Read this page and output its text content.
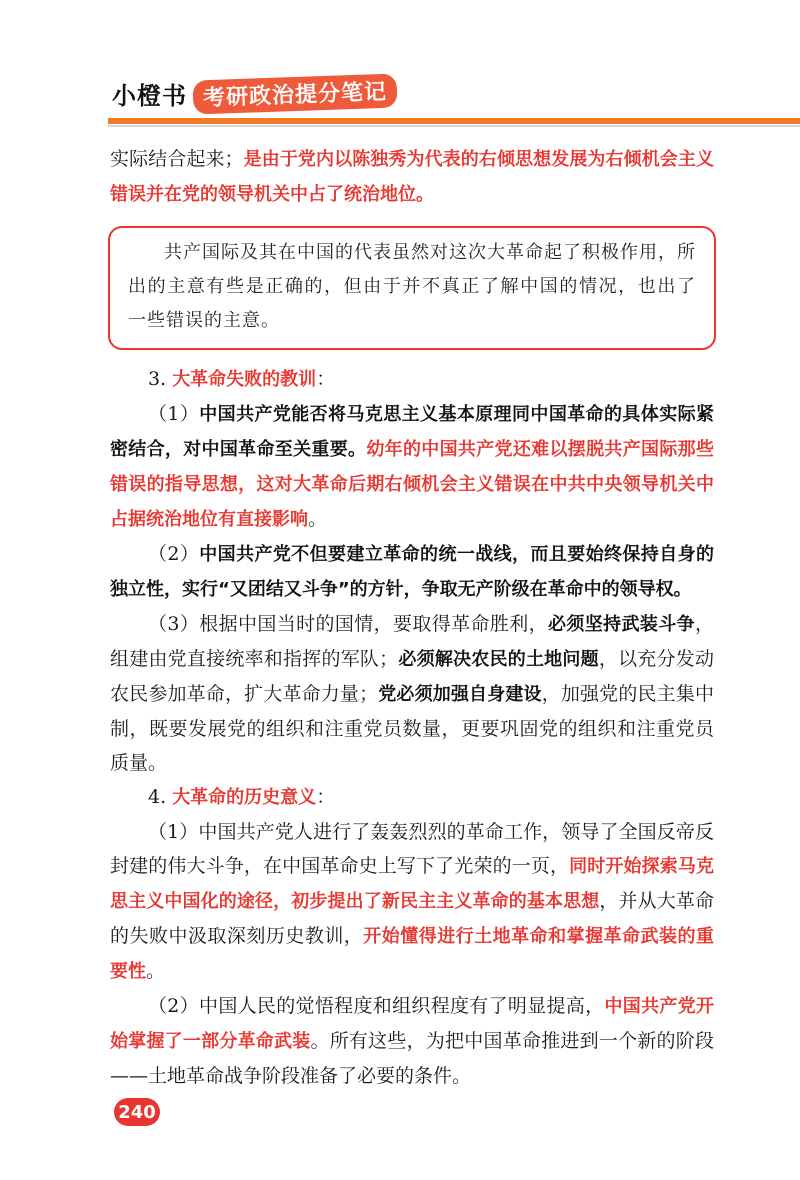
小橙书 考研政治提分笔记

实际结合起来；是由于党内以陈独秀为代表的右倾思想发展为右倾机会主义错误并在党的领导机关中占了统治地位。

共产国际及其在中国的代表虽然对这次大革命起了积极作用，所出的主意有些是正确的，但由于并不真正了解中国的情况，也出了一些错误的主意。

3. 大革命失败的教训：

（1）中国共产党能否将马克思主义基本原理同中国革命的具体实际紧密结合，对中国革命至关重要。幼年的中国共产党还难以摆脱共产国际那些错误的指导思想，这对大革命后期右倾机会主义错误在中共中央领导机关中占据统治地位有直接影响。

（2）中国共产党不但要建立革命的统一战线，而且要始终保持自身的独立性，实行“又团结又斗争”的方针，争取无产阶级在革命中的领导权。

（3）根据中国当时的国情，要取得革命胜利，必须坚持武装斗争，组建由党直接统率和指挥的军队；必须解决农民的土地问题，以充分发动农民参加革命，扩大革命力量；党必须加强自身建设，加强党的民主集中制，既要发展党的组织和注重党员数量，更要巩固党的组织和注重党员质量。

4. 大革命的历史意义：

（1）中国共产党人进行了轰轰烈烈的革命工作，领导了全国反帝反封建的伟大斗争，在中国革命史上写下了光荣的一页，同时开始探索马克思主义中国化的途径，初步提出了新民主主义革命的基本思想，并从大革命的失败中汲取深刻历史教训，开始懂得进行土地革命和掌握革命武装的重要性。

（2）中国人民的觉悟程度和组织程度有了明显提高，中国共产党开始掌握了一部分革命武装。所有这些，为把中国革命推进到一个新的阶段——土地革命战争阶段准备了必要的条件。

240
